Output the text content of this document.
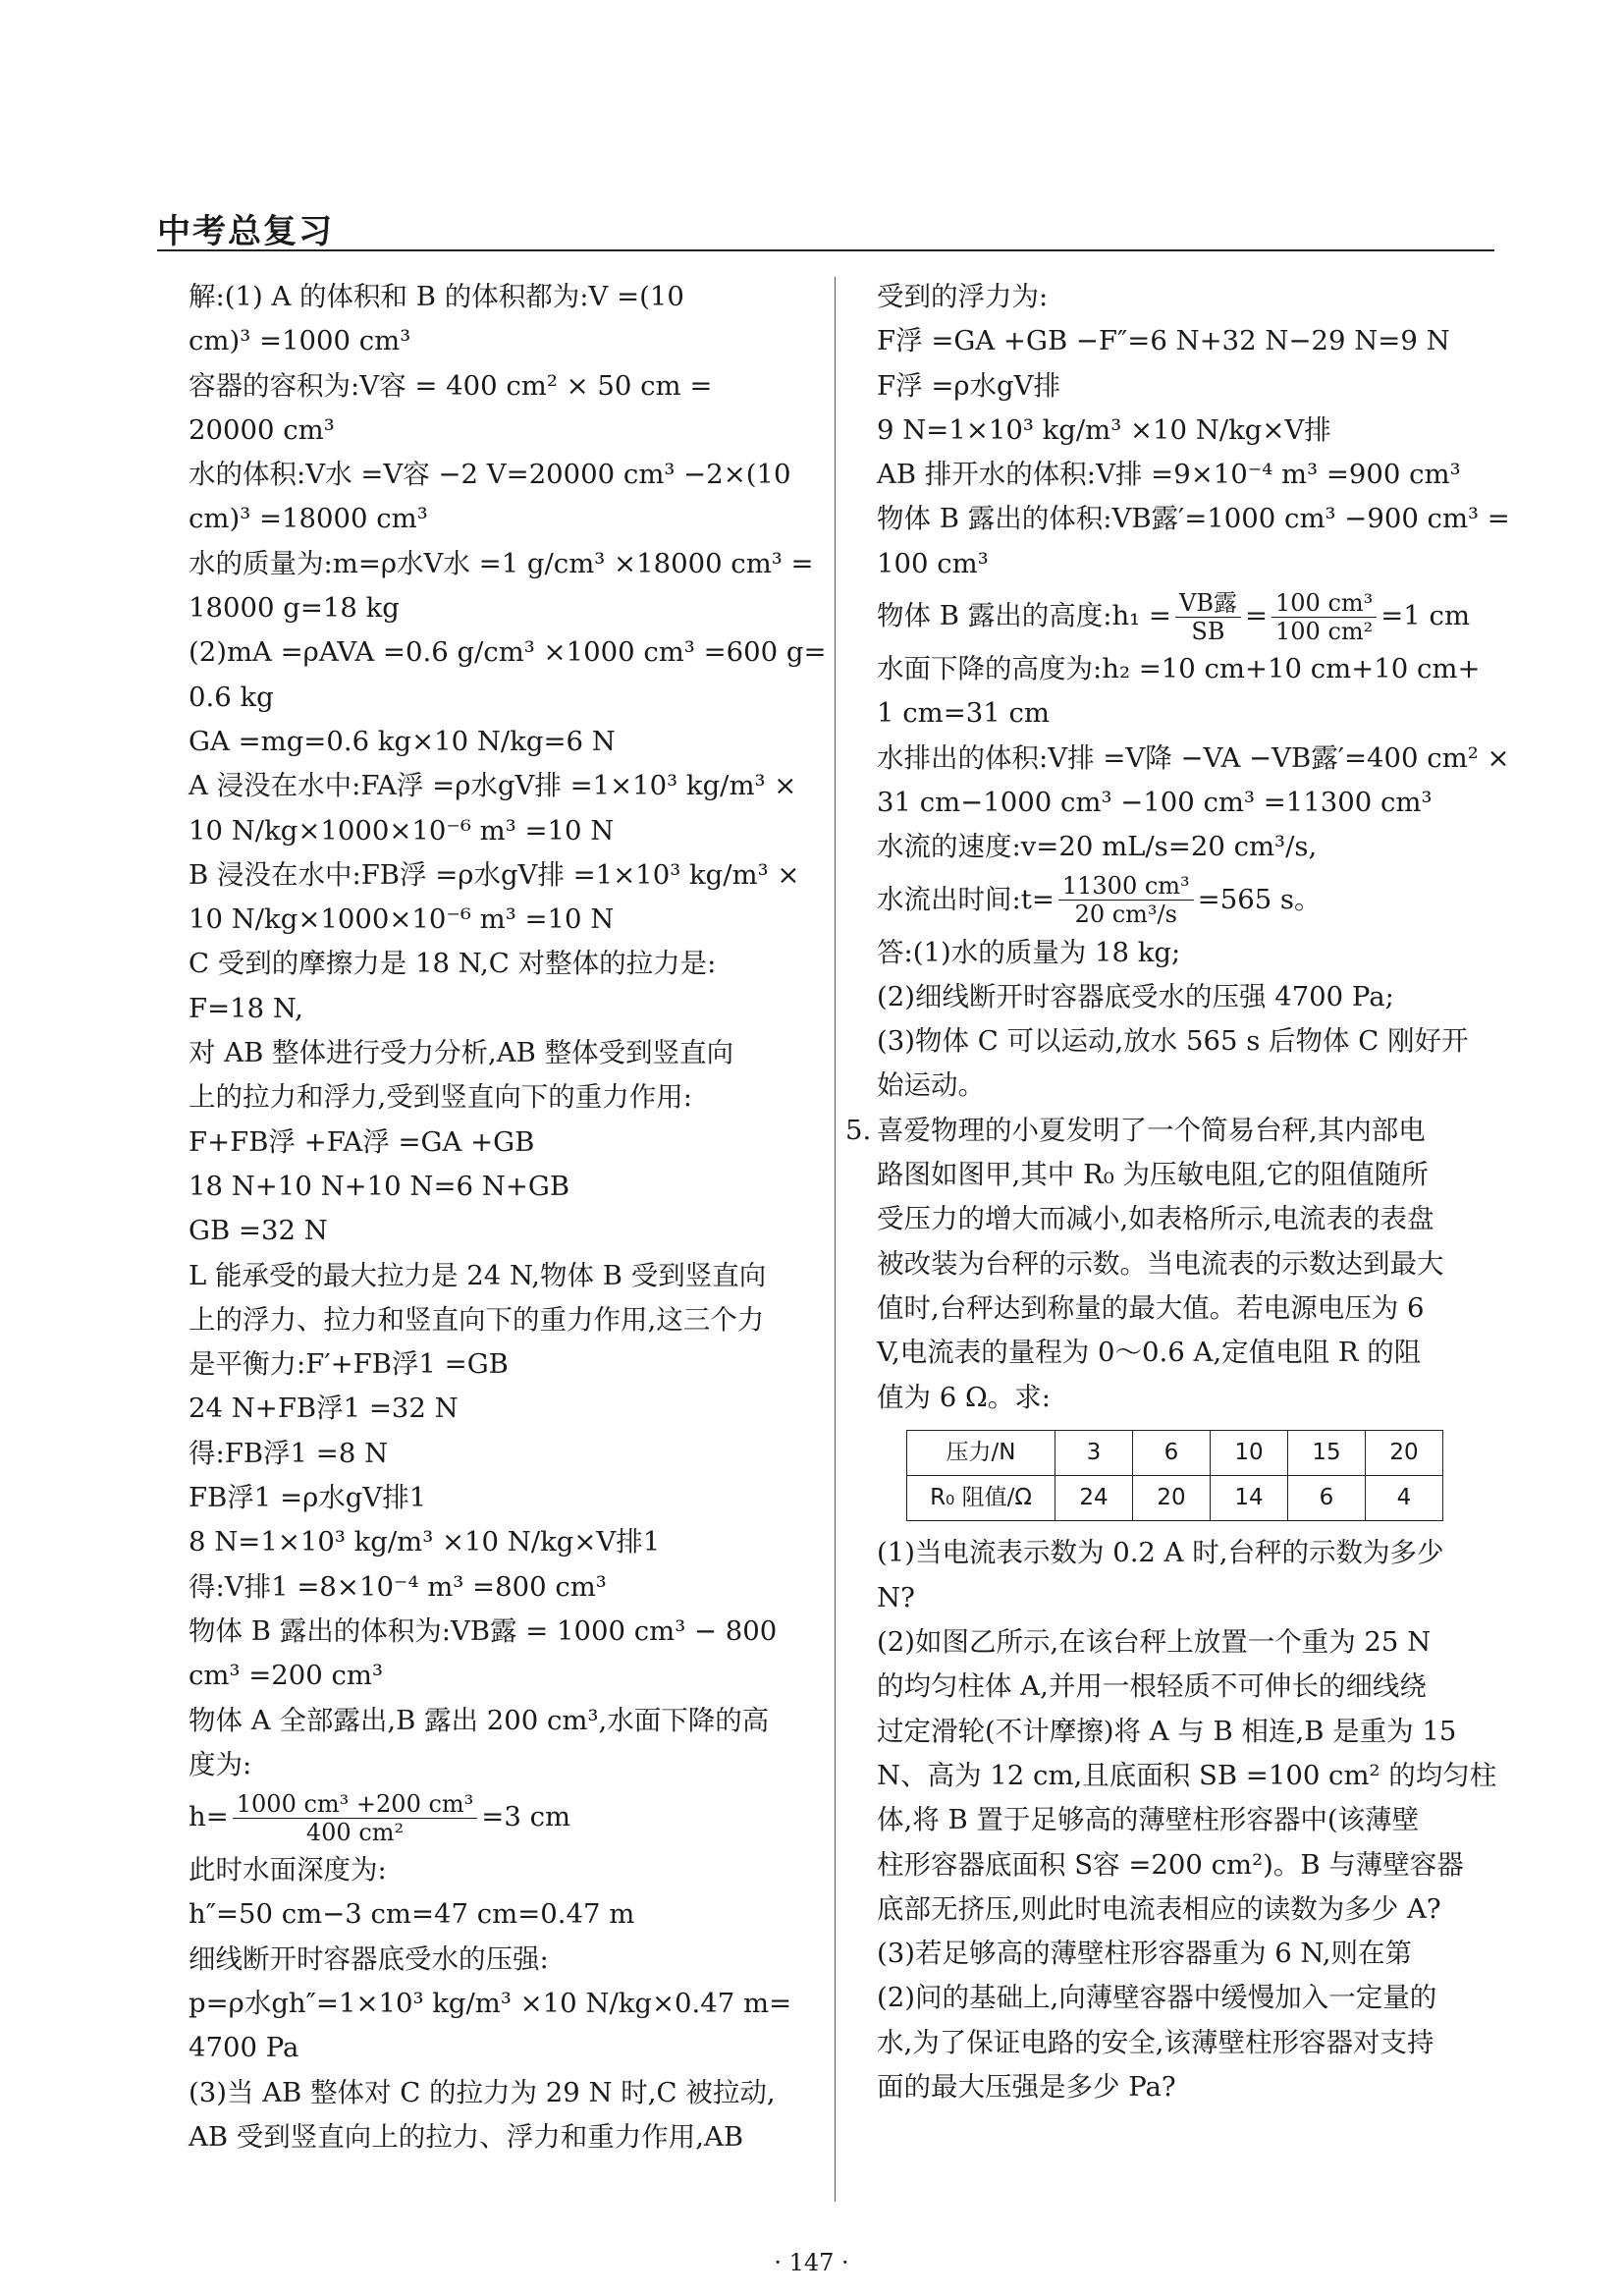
中考总复习
解:(1) A 的体积和 B 的体积都为:V =(10
cm)³ =1000 cm³
容器的容积为:V容 = 400 cm² × 50 cm =
20000 cm³
水的体积:V水 =V容 −2 V=20000 cm³ −2×(10
cm)³ =18000 cm³
水的质量为:m=ρ水V水 =1 g/cm³ ×18000 cm³ =
18000 g=18 kg
(2)mA =ρAVA =0.6 g/cm³ ×1000 cm³ =600 g=
0.6 kg
GA =mg=0.6 kg×10 N/kg=6 N
A 浸没在水中:FA浮 =ρ水gV排 =1×10³ kg/m³ ×
10 N/kg×1000×10⁻⁶ m³ =10 N
B 浸没在水中:FB浮 =ρ水gV排 =1×10³ kg/m³ ×
10 N/kg×1000×10⁻⁶ m³ =10 N
C 受到的摩擦力是 18 N,C 对整体的拉力是:
F=18 N,
对 AB 整体进行受力分析,AB 整体受到竖直向
上的拉力和浮力,受到竖直向下的重力作用:
F+FB浮 +FA浮 =GA +GB
18 N+10 N+10 N=6 N+GB
GB =32 N
L 能承受的最大拉力是 24 N,物体 B 受到竖直向
上的浮力、拉力和竖直向下的重力作用,这三个力
是平衡力:F′+FB浮1 =GB
24 N+FB浮1 =32 N
得:FB浮1 =8 N
FB浮1 =ρ水gV排1
8 N=1×10³ kg/m³ ×10 N/kg×V排1
得:V排1 =8×10⁻⁴ m³ =800 cm³
物体 B 露出的体积为:VB露 = 1000 cm³ − 800
cm³ =200 cm³
物体 A 全部露出,B 露出 200 cm³,水面下降的高
度为:
$h= \frac{\text{1000 cm³ +200 cm³}}{\text{400 cm²}} =3$ cm
此时水面深度为:
h″=50 cm−3 cm=47 cm=0.47 m
细线断开时容器底受水的压强:
p=ρ水gh″=1×10³ kg/m³ ×10 N/kg×0.47 m=
4700 Pa
(3)当 AB 整体对 C 的拉力为 29 N 时,C 被拉动,
AB 受到竖直向上的拉力、浮力和重力作用,AB
受到的浮力为:
F浮 =GA +GB −F″=6 N+32 N−29 N=9 N
F浮 =ρ水gV排
9 N=1×10³ kg/m³ ×10 N/kg×V排
AB 排开水的体积:V排 =9×10⁻⁴ m³ =900 cm³
物体 B 露出的体积:VB露′=1000 cm³ −900 cm³ =
100 cm³
物体 B 露出的高度:h₁ = $\frac{\text{VB露}}{SB} = \frac{\text{100 cm³}}{\text{100 cm²}} =1$ cm
水面下降的高度为:h₂ =10 cm+10 cm+10 cm+
1 cm=31 cm
水排出的体积:V排 =V降 −VA −VB露′=400 cm² ×
31 cm−1000 cm³ −100 cm³ =11300 cm³
水流的速度:v=20 mL/s=20 cm³/s,
水流出时间:t= $\frac{\text{11300 cm³}}{\text{20 cm³/s}} =565$ s。
答:(1)水的质量为 18 kg;
(2)细线断开时容器底受水的压强 4700 Pa;
(3)物体 C 可以运动,放水 565 s 后物体 C 刚好开
始运动。
5. 喜爱物理的小夏发明了一个简易台秤,其内部电
路图如图甲,其中 R₀ 为压敏电阻,它的阻值随所
受压力的增大而减小,如表格所示,电流表的表盘
被改装为台秤的示数。当电流表的示数达到最大
值时,台秤达到称量的最大值。若电源电压为 6
V,电流表的量程为 0～0.6 A,定值电阻 R 的阻
值为 6 Ω。求:
压力/N	3	6	10	15	20
R₀ 阻值/Ω	24	20	14	6	4
(1)当电流表示数为 0.2 A 时,台秤的示数为多少
N?
(2)如图乙所示,在该台秤上放置一个重为 25 N
的均匀柱体 A,并用一根轻质不可伸长的细线绕
过定滑轮(不计摩擦)将 A 与 B 相连,B 是重为 15
N、高为 12 cm,且底面积 SB =100 cm² 的均匀柱
体,将 B 置于足够高的薄壁柱形容器中(该薄壁
柱形容器底面积 S容 =200 cm²)。B 与薄壁容器
底部无挤压,则此时电流表相应的读数为多少 A?
(3)若足够高的薄壁柱形容器重为 6 N,则在第
(2)问的基础上,向薄壁容器中缓慢加入一定量的
水,为了保证电路的安全,该薄壁柱形容器对支持
面的最大压强是多少 Pa?
· 147 ·
